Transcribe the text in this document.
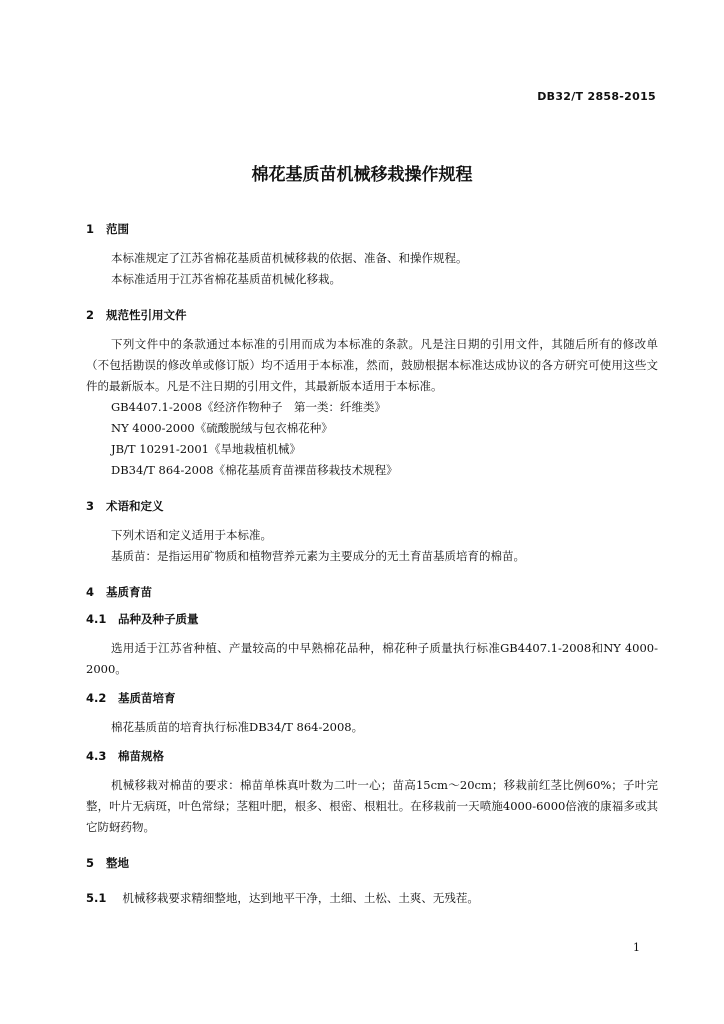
DB32/T 2858-2015
棉花基质苗机械移栽操作规程
1 范围

本标准规定了江苏省棉花基质苗机械移栽的依据、准备、和操作规程。

本标准适用于江苏省棉花基质苗机械化移栽。

2 规范性引用文件

下列文件中的条款通过本标准的引用而成为本标准的条款。凡是注日期的引用文件，其随后所有的修改单（不包括勘误的修改单或修订版）均不适用于本标准，然而，鼓励根据本标准达成协议的各方研究可使用这些文件的最新版本。凡是不注日期的引用文件，其最新版本适用于本标准。

GB4407.1-2008《经济作物种子　第一类：纤维类》

NY 4000-2000《硫酸脱绒与包衣棉花种》

JB/T 10291-2001《旱地栽植机械》

DB34/T 864-2008《棉花基质育苗裸苗移栽技术规程》

3 术语和定义

下列术语和定义适用于本标准。

基质苗：是指运用矿物质和植物营养元素为主要成分的无土育苗基质培育的棉苗。

4 基质育苗
4.1 品种及种子质量

选用适于江苏省种植、产量较高的中早熟棉花品种，棉花种子质量执行标准GB4407.1-2008和NY 4000-2000。

4.2 基质苗培育

棉花基质苗的培育执行标准DB34/T 864-2008。

4.3 棉苗规格

机械移栽对棉苗的要求：棉苗单株真叶数为二叶一心；苗高15cm～20cm；移栽前红茎比例60%；子叶完整，叶片无病斑，叶色常绿；茎粗叶肥，根多、根密、根粗壮。在移栽前一天喷施4000-6000倍液的康福多或其它防蚜药物。

5 整地

5.1 机械移栽要求精细整地，达到地平干净，土细、土松、土爽、无残茬。

1
